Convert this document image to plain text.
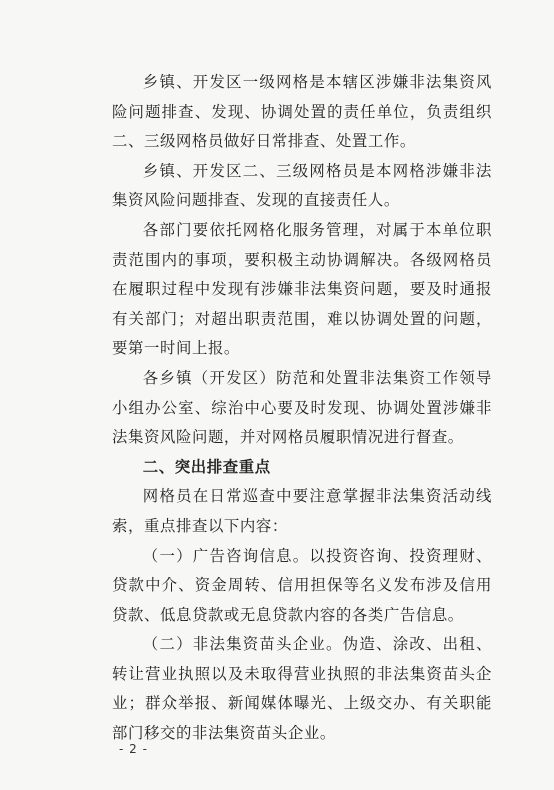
乡镇、开发区一级网格是本辖区涉嫌非法集资风险问题排查、发现、协调处置的责任单位，负责组织二、三级网格员做好日常排查、处置工作。

乡镇、开发区二、三级网格员是本网格涉嫌非法集资风险问题排查、发现的直接责任人。

各部门要依托网格化服务管理，对属于本单位职责范围内的事项，要积极主动协调解决。各级网格员在履职过程中发现有涉嫌非法集资问题，要及时通报有关部门；对超出职责范围，难以协调处置的问题，要第一时间上报。

各乡镇（开发区）防范和处置非法集资工作领导小组办公室、综治中心要及时发现、协调处置涉嫌非法集资风险问题，并对网格员履职情况进行督查。

二、突出排查重点

网格员在日常巡查中要注意掌握非法集资活动线索，重点排查以下内容：

（一）广告咨询信息。以投资咨询、投资理财、贷款中介、资金周转、信用担保等名义发布涉及信用贷款、低息贷款或无息贷款内容的各类广告信息。

（二）非法集资苗头企业。伪造、涂改、出租、转让营业执照以及未取得营业执照的非法集资苗头企业；群众举报、新闻媒体曝光、上级交办、有关职能部门移交的非法集资苗头企业。

- 2 -
